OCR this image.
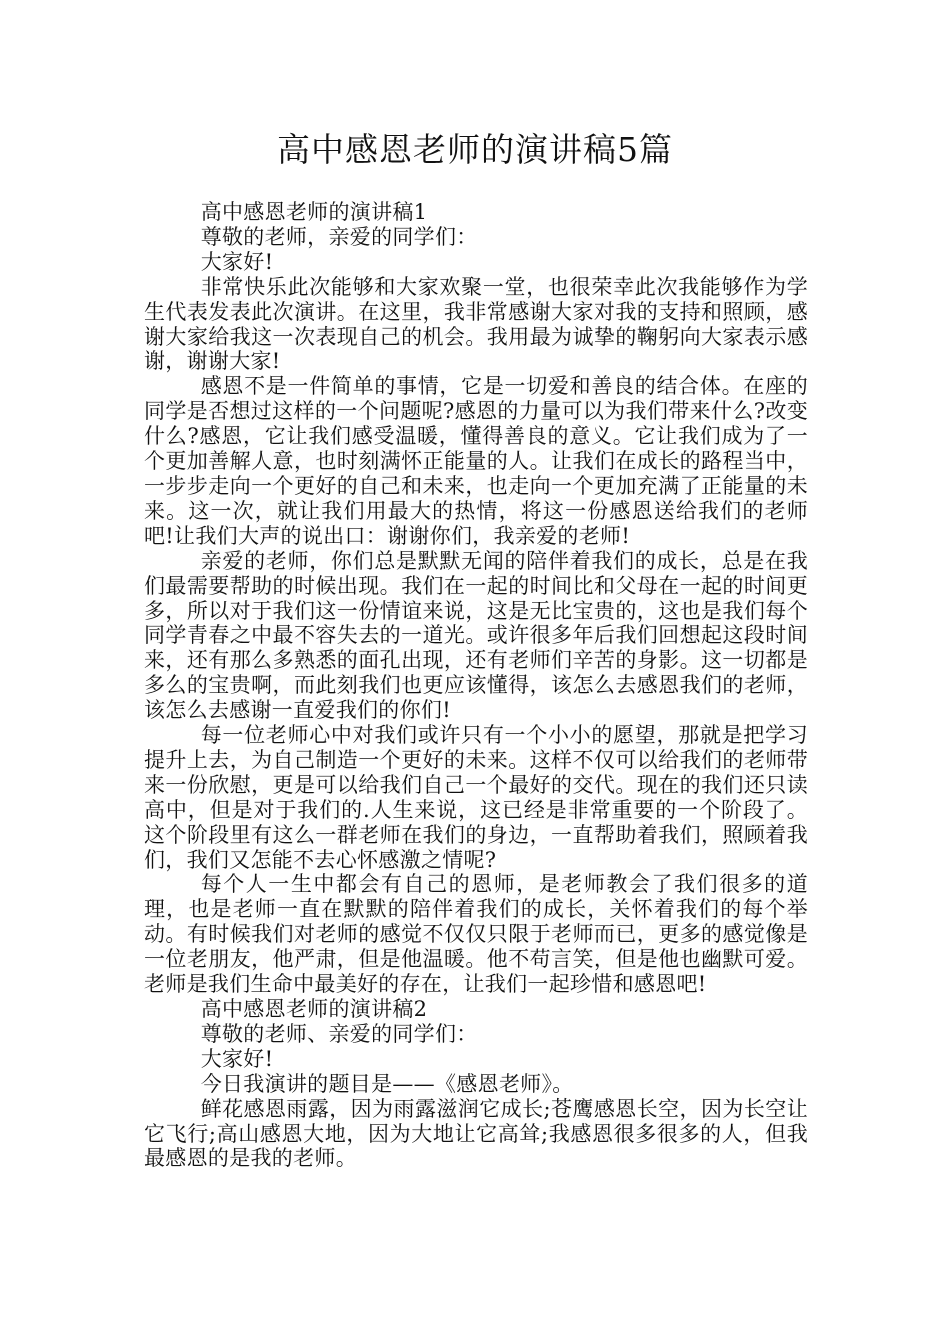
高中感恩老师的演讲稿5篇

高中感恩老师的演讲稿1

尊敬的老师，亲爱的同学们：

大家好!

非常快乐此次能够和大家欢聚一堂，也很荣幸此次我能够作为学生代表发表此次演讲。在这里，我非常感谢大家对我的支持和照顾，感谢大家给我这一次表现自己的机会。我用最为诚挚的鞠躬向大家表示感谢，谢谢大家!

感恩不是一件简单的事情，它是一切爱和善良的结合体。在座的同学是否想过这样的一个问题呢?感恩的力量可以为我们带来什么?改变什么?感恩，它让我们感受温暖，懂得善良的意义。它让我们成为了一个更加善解人意，也时刻满怀正能量的人。让我们在成长的路程当中，一步步走向一个更好的自己和未来，也走向一个更加充满了正能量的未来。这一次，就让我们用最大的热情，将这一份感恩送给我们的老师吧!让我们大声的说出口：谢谢你们，我亲爱的老师!

亲爱的老师，你们总是默默无闻的陪伴着我们的成长，总是在我们最需要帮助的时候出现。我们在一起的时间比和父母在一起的时间更多，所以对于我们这一份情谊来说，这是无比宝贵的，这也是我们每个同学青春之中最不容失去的一道光。或许很多年后我们回想起这段时间来，还有那么多熟悉的面孔出现，还有老师们辛苦的身影。这一切都是多么的宝贵啊，而此刻我们也更应该懂得，该怎么去感恩我们的老师，该怎么去感谢一直爱我们的你们!

每一位老师心中对我们或许只有一个小小的愿望，那就是把学习提升上去，为自己制造一个更好的未来。这样不仅可以给我们的老师带来一份欣慰，更是可以给我们自己一个最好的交代。现在的我们还只读高中，但是对于我们的.人生来说，这已经是非常重要的一个阶段了。这个阶段里有这么一群老师在我们的身边，一直帮助着我们，照顾着我们，我们又怎能不去心怀感激之情呢?

每个人一生中都会有自己的恩师，是老师教会了我们很多的道理，也是老师一直在默默的陪伴着我们的成长，关怀着我们的每个举动。有时候我们对老师的感觉不仅仅只限于老师而已，更多的感觉像是一位老朋友，他严肃，但是他温暖。他不苟言笑，但是他也幽默可爱。老师是我们生命中最美好的存在，让我们一起珍惜和感恩吧!

高中感恩老师的演讲稿2

尊敬的老师、亲爱的同学们：

大家好!

今日我演讲的题目是——《感恩老师》。

鲜花感恩雨露，因为雨露滋润它成长;苍鹰感恩长空，因为长空让它飞行;高山感恩大地，因为大地让它高耸;我感恩很多很多的人，但我最感恩的是我的老师。
